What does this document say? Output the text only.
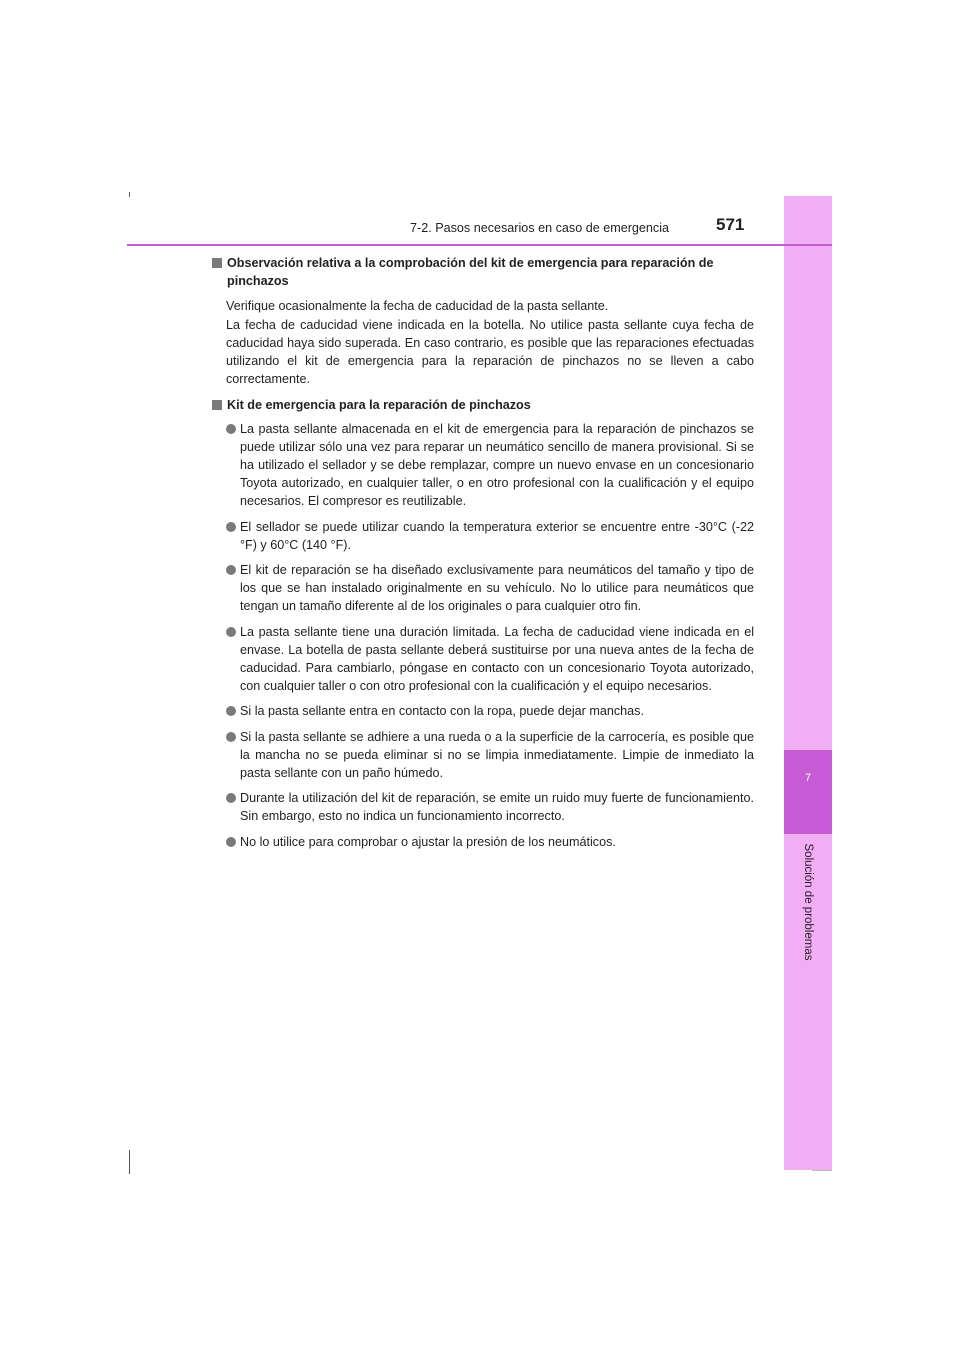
7
Solución de problemas
7-2. Pasos necesarios en caso de emergencia	571
Observación relativa a la comprobación del kit de emergencia para reparación de pinchazos
Verifique ocasionalmente la fecha de caducidad de la pasta sellante.
La fecha de caducidad viene indicada en la botella. No utilice pasta sellante cuya fecha de caducidad haya sido superada. En caso contrario, es posible que las reparaciones efectuadas utilizando el kit de emergencia para la reparación de pinchazos no se lleven a cabo correctamente.
Kit de emergencia para la reparación de pinchazos
La pasta sellante almacenada en el kit de emergencia para la reparación de pinchazos se puede utilizar sólo una vez para reparar un neumático sencillo de manera provisional. Si se ha utilizado el sellador y se debe remplazar, compre un nuevo envase en un concesionario Toyota autorizado, en cualquier taller, o en otro profesional con la cualificación y el equipo necesarios. El compresor es reutilizable.
El sellador se puede utilizar cuando la temperatura exterior se encuentre entre -30°C (-22 °F) y 60°C (140 °F).
El kit de reparación se ha diseñado exclusivamente para neumáticos del tamaño y tipo de los que se han instalado originalmente en su vehículo. No lo utilice para neumáticos que tengan un tamaño diferente al de los originales o para cualquier otro fin.
La pasta sellante tiene una duración limitada. La fecha de caducidad viene indicada en el envase. La botella de pasta sellante deberá sustituirse por una nueva antes de la fecha de caducidad. Para cambiarlo, póngase en contacto con un concesionario Toyota autorizado, con cualquier taller o con otro profesional con la cualificación y el equipo necesarios.
Si la pasta sellante entra en contacto con la ropa, puede dejar manchas.
Si la pasta sellante se adhiere a una rueda o a la superficie de la carrocería, es posible que la mancha no se pueda eliminar si no se limpia inmediatamente. Limpie de inmediato la pasta sellante con un paño húmedo.
Durante la utilización del kit de reparación, se emite un ruido muy fuerte de funcionamiento. Sin embargo, esto no indica un funcionamiento incorrecto.
No lo utilice para comprobar o ajustar la presión de los neumáticos.
